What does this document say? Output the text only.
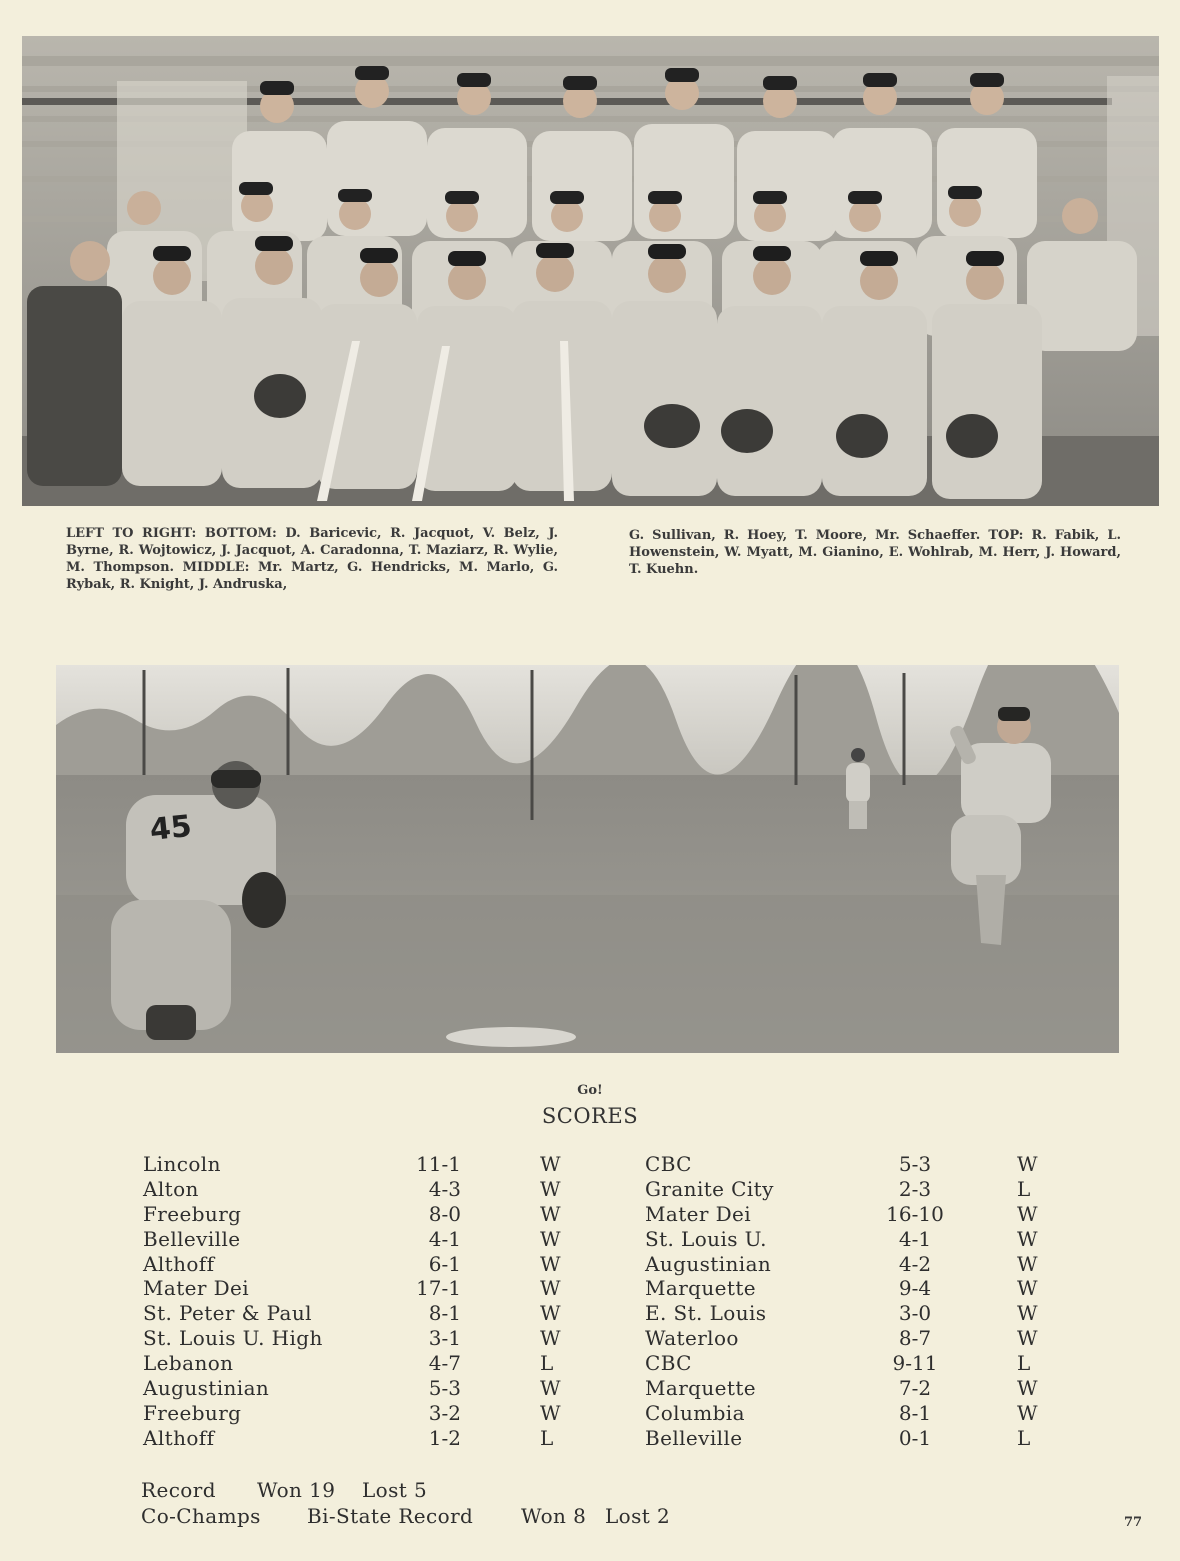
LEFT TO RIGHT: BOTTOM: D. Baricevic, R. Jacquot, V. Belz, J. Byrne, R. Wojtowicz, J. Jacquot, A. Caradonna, T. Maziarz, R. Wylie, M. Thompson. MIDDLE: Mr. Martz, G. Hendricks, M. Marlo, G. Rybak, R. Knight, J. Andruska,
G. Sullivan, R. Hoey, T. Moore, Mr. Schaeffer. TOP: R. Fabik, L. Howenstein, W. Myatt, M. Gianino, E. Wohlrab, M. Herr, J. Howard, T. Kuehn.
45
Go!
SCORES
Lincoln	11-1	W
Alton	4-3	W
Freeburg	8-0	W
Belleville	4-1	W
Althoff	6-1	W
Mater Dei	17-1	W
St. Peter & Paul	8-1	W
St. Louis U. High	3-1	W
Lebanon	4-7	L
Augustinian	5-3	W
Freeburg	3-2	W
Althoff	1-2	L
CBC	5-3	W
Granite City	2-3	L
Mater Dei	16-10	W
St. Louis U.	4-1	W
Augustinian	4-2	W
Marquette	9-4	W
E. St. Louis	3-0	W
Waterloo	8-7	W
CBC	9-11	L
Marquette	7-2	W
Columbia	8-1	W
Belleville	0-1	L
Record Won 19 Lost 5
Co-Champs Bi-State Record Won 8 Lost 2	77
